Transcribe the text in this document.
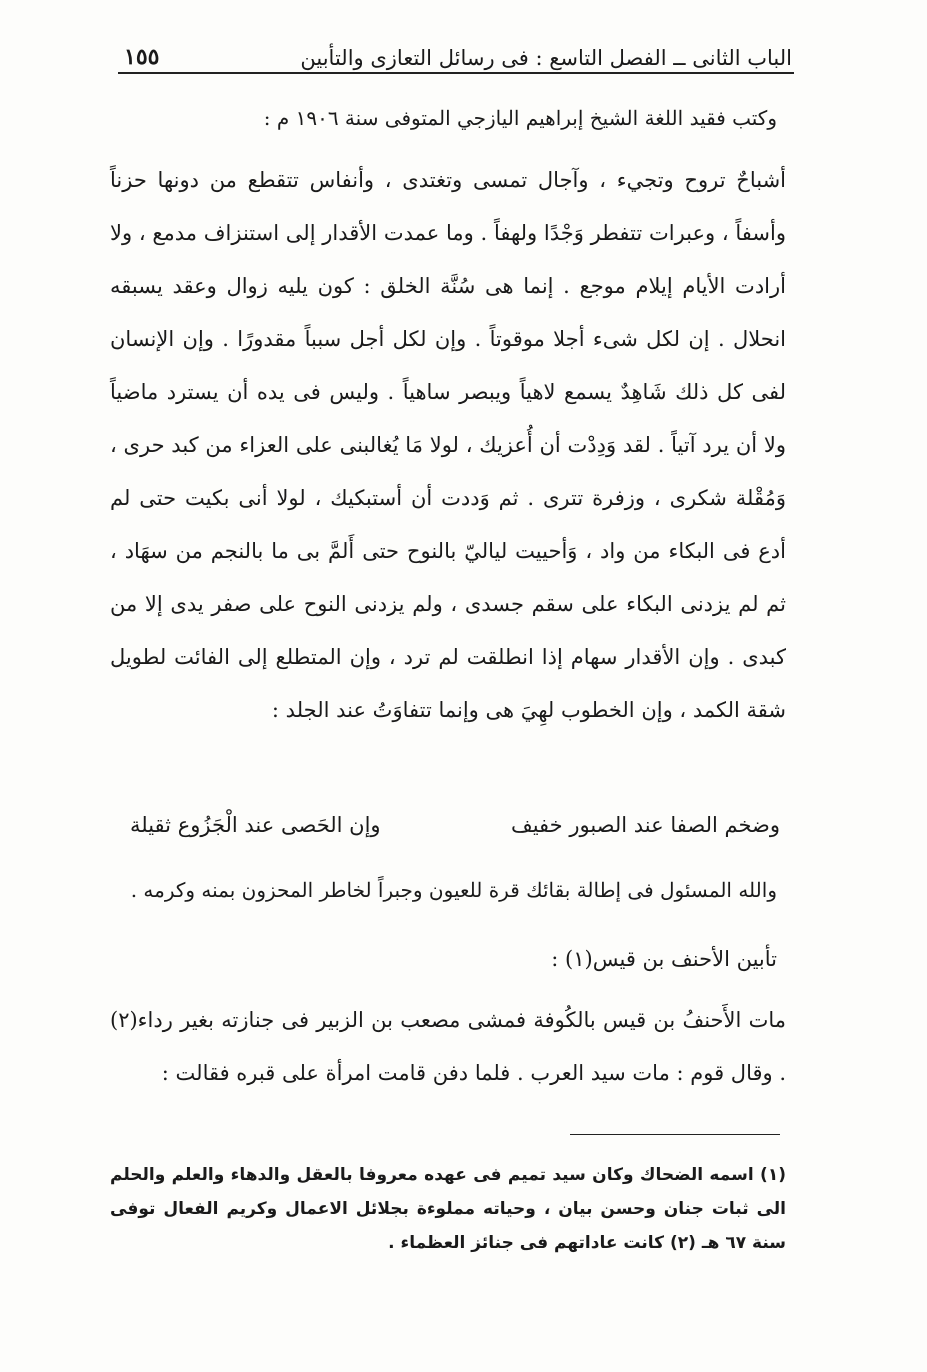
الباب الثانى ــ الفصل التاسع : فى رسائل التعازى والتأبين
١٥٥
وكتب فقيد اللغة الشيخ إبراهيم اليازجي المتوفى سنة ١٩٠٦ م :
أشباحٌ تروح وتجيء ، وآجال تمسى وتغتدى ، وأنفاس تتقطع من دونها حزناً وأسفاً ، وعبرات تتفطر وَجْدًا ولهفاً . وما عمدت الأقدار إلى استنزاف مدمع ، ولا أرادت الأيام إيلام موجع . إنما هى سُنَّة الخلق : كون يليه زوال وعقد يسبقه انحلال . إن لكل شىء أجلا موقوتاً . وإن لكل أجل سبباً مقدورًا . وإن الإنسان لفى كل ذلك شَاهِدٌ يسمع لاهياً ويبصر ساهياً . وليس فى يده أن يسترد ماضياً ولا أن يرد آتياً . لقد وَدِدْت أن أُعزيك ، لولا مَا يُغالبنى على العزاء من كبد حرى ، وَمُقْلة شكرى ، وزفرة تترى . ثم وَددت أن أستبكيك ، لولا أنى بكيت حتى لم أدع فى البكاء من واد ، وَأحييت لياليّ بالنوح حتى أَلمَّ بى ما بالنجم من سهَاد ، ثم لم يزدنى البكاء على سقم جسدى ، ولم يزدنى النوح على صفر يدى إلا من كبدى . وإن الأقدار سهام إذا انطلقت لم ترد ، وإن المتطلع إلى الفائت لطويل شقة الكمد ، وإن الخطوب لهِيَ هى وإنما تتفاوَتُ عند الجلد :
وإن الحَصى عند الْجَزُوع ثقيلة	وضخم الصفا عند الصبور خفيف
والله المسئول فى إطالة بقائك قرة للعيون وجبراً لخاطر المحزون بمنه وكرمه .
تأبين الأحنف بن قيس(١) :
مات الأَحنفُ بن قيس بالكُوفة فمشى مصعب بن الزبير فى جنازته بغير رداء(٢) . وقال قوم : مات سيد العرب . فلما دفن قامت امرأة على قبره فقالت :
(١) اسمه الضحاك وكان سيد تميم فى عهده معروفا بالعقل والدهاء والعلم والحلم الى ثبات جنان وحسن بيان ، وحياته مملوءة بجلائل الاعمال وكريم الفعال توفى سنة ٦٧ هـ (٢) كانت عاداتهم فى جنائز العظماء .
